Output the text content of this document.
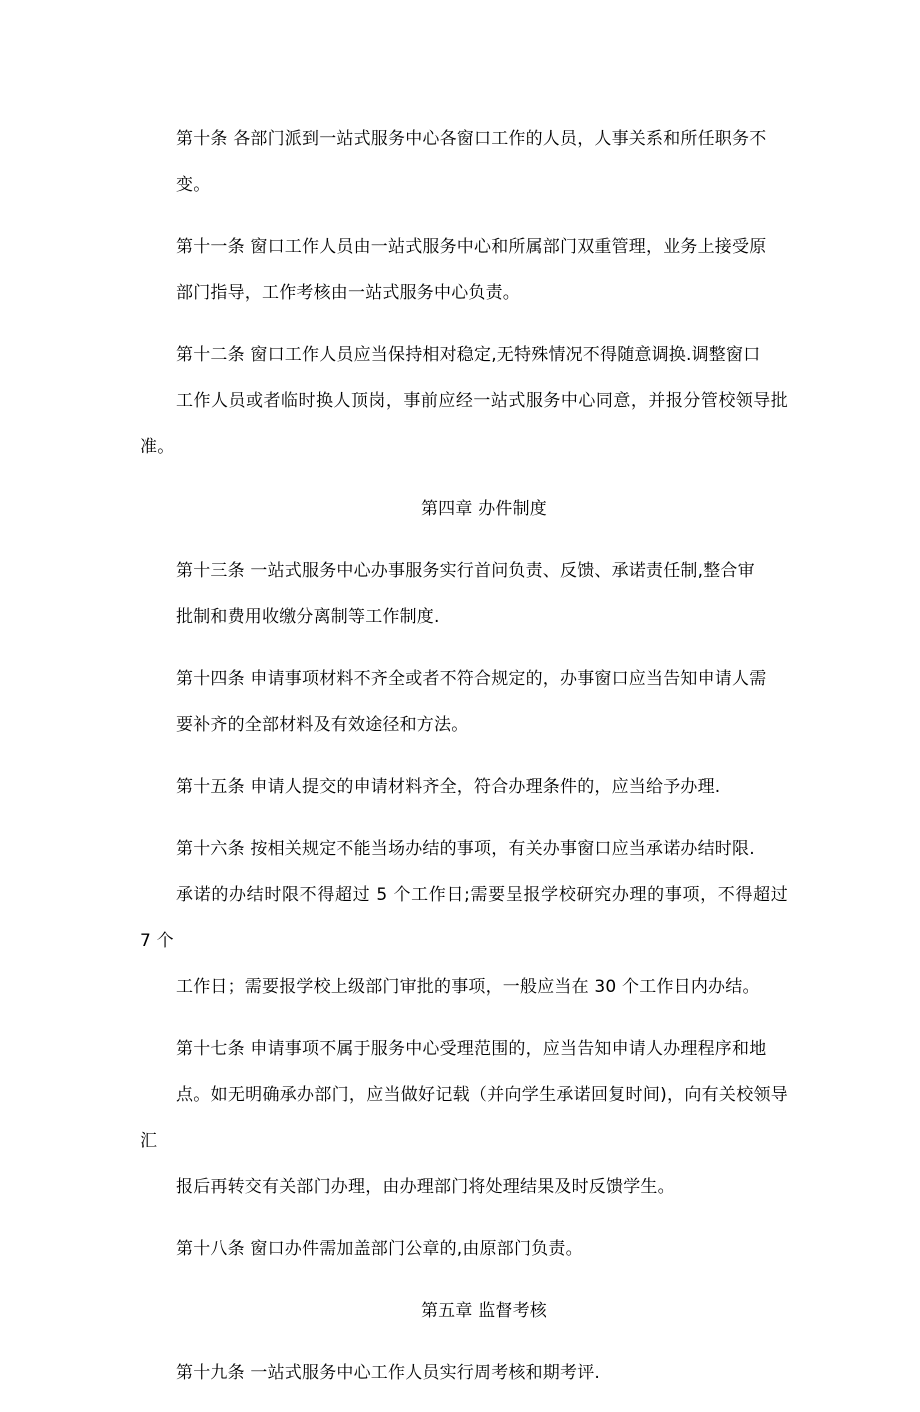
第十条 各部门派到一站式服务中心各窗口工作的人员，人事关系和所任职务不
变。
第十一条 窗口工作人员由一站式服务中心和所属部门双重管理，业务上接受原
部门指导，工作考核由一站式服务中心负责。
第十二条 窗口工作人员应当保持相对稳定,无特殊情况不得随意调换.调整窗口
工作人员或者临时换人顶岗，事前应经一站式服务中心同意，并报分管校领导批准。
第四章 办件制度
第十三条 一站式服务中心办事服务实行首问负责、反馈、承诺责任制,整合审
批制和费用收缴分离制等工作制度.
第十四条 申请事项材料不齐全或者不符合规定的，办事窗口应当告知申请人需
要补齐的全部材料及有效途径和方法。
第十五条 申请人提交的申请材料齐全，符合办理条件的，应当给予办理.
第十六条 按相关规定不能当场办结的事项，有关办事窗口应当承诺办结时限.
承诺的办结时限不得超过 5 个工作日;需要呈报学校研究办理的事项，不得超过 7 个
工作日；需要报学校上级部门审批的事项，一般应当在 30 个工作日内办结。
第十七条 申请事项不属于服务中心受理范围的，应当告知申请人办理程序和地
点。如无明确承办部门，应当做好记载（并向学生承诺回复时间)，向有关校领导汇
报后再转交有关部门办理，由办理部门将处理结果及时反馈学生。
第十八条 窗口办件需加盖部门公章的,由原部门负责。
第五章 监督考核
第十九条 一站式服务中心工作人员实行周考核和期考评.
